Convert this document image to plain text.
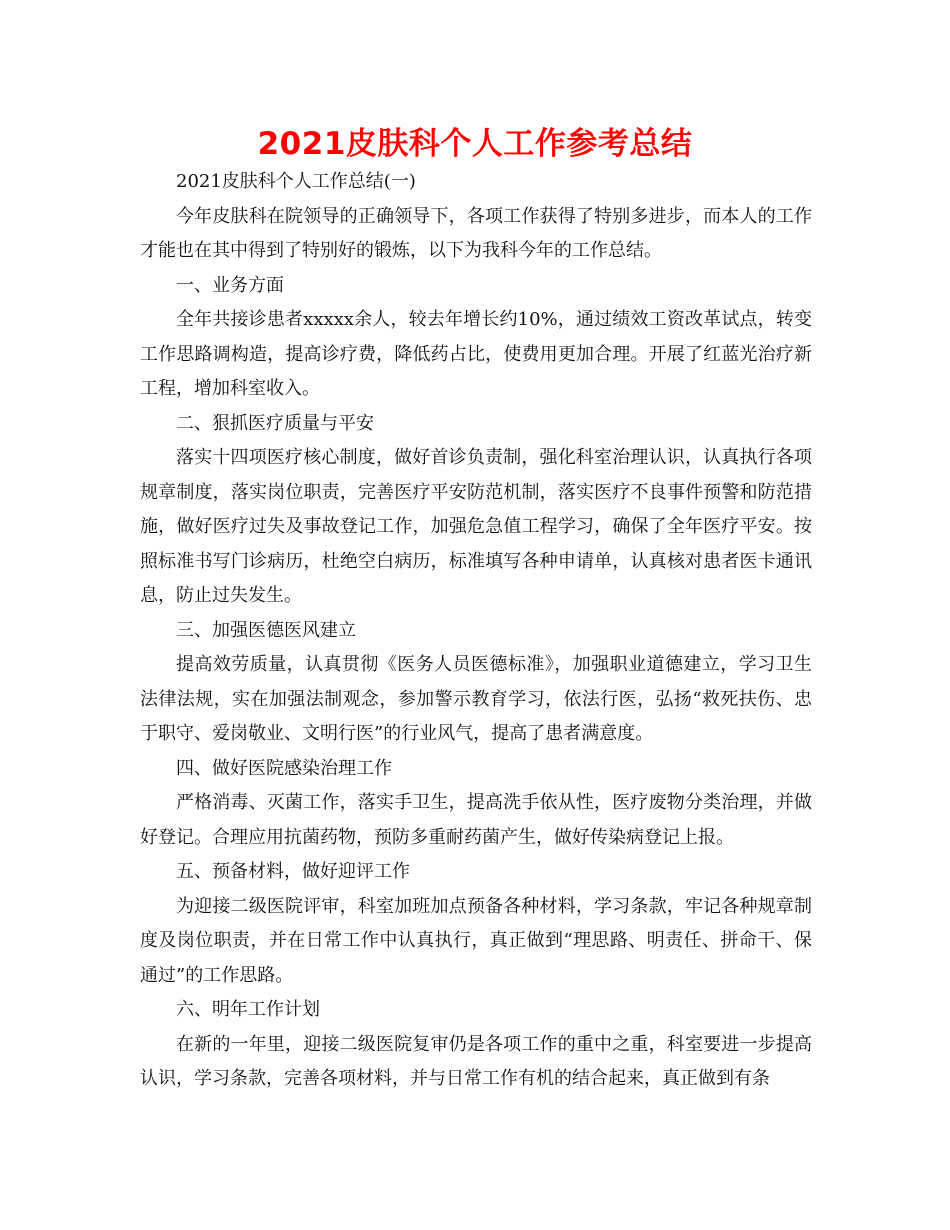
2021皮肤科个人工作参考总结

2021皮肤科个人工作总结(一)

今年皮肤科在院领导的正确领导下，各项工作获得了特别多进步，而本人的工作才能也在其中得到了特别好的锻炼，以下为我科今年的工作总结。

一、业务方面

全年共接诊患者xxxxx余人，较去年增长约10%，通过绩效工资改革试点，转变工作思路调构造，提高诊疗费，降低药占比，使费用更加合理。开展了红蓝光治疗新工程，增加科室收入。

二、狠抓医疗质量与平安

落实十四项医疗核心制度，做好首诊负责制，强化科室治理认识，认真执行各项规章制度，落实岗位职责，完善医疗平安防范机制，落实医疗不良事件预警和防范措施，做好医疗过失及事故登记工作，加强危急值工程学习，确保了全年医疗平安。按照标准书写门诊病历，杜绝空白病历，标准填写各种申请单，认真核对患者医卡通讯息，防止过失发生。

三、加强医德医风建立

提高效劳质量，认真贯彻《医务人员医德标准》，加强职业道德建立，学习卫生法律法规，实在加强法制观念，参加警示教育学习，依法行医，弘扬“救死扶伤、忠于职守、爱岗敬业、文明行医”的行业风气，提高了患者满意度。

四、做好医院感染治理工作

严格消毒、灭菌工作，落实手卫生，提高洗手依从性，医疗废物分类治理，并做好登记。合理应用抗菌药物，预防多重耐药菌产生，做好传染病登记上报。

五、预备材料，做好迎评工作

为迎接二级医院评审，科室加班加点预备各种材料，学习条款，牢记各种规章制度及岗位职责，并在日常工作中认真执行，真正做到“理思路、明责任、拼命干、保通过”的工作思路。

六、明年工作计划

在新的一年里，迎接二级医院复审仍是各项工作的重中之重，科室要进一步提高认识，学习条款，完善各项材料，并与日常工作有机的结合起来，真正做到有条
